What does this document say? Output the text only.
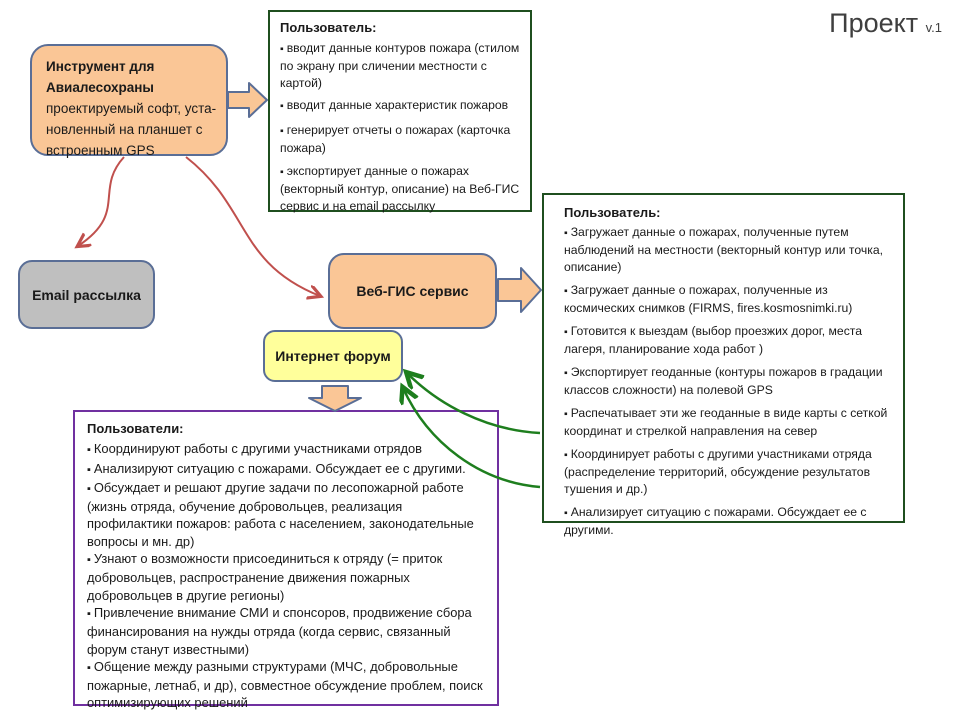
Проект v.1
Инструмент для
Авиалесохраны
проектируемый софт, уста-
новленный на планшет с
встроенным GPS
Email рассылка	Веб-ГИС сервис
Интернет форум
Пользователь:
▪ вводит данные контуров пожара (стилом по экрану при сличении местности с картой)
▪ вводит данные характеристик пожаров
▪ генерирует отчеты о пожарах (карточка пожара)
▪ экспортирует данные о пожарах (векторный контур, описание) на Веб-ГИС сервис и на email рассылку	Пользователь:
▪ Загружает данные о пожарах, полученные путем наблюдений на местности (векторный контур или точка, описание)
▪ Загружает данные о пожарах, полученные из космических снимков (FIRMS, fires.kosmosnimki.ru)
▪ Готовится к выездам (выбор проезжих дорог, места лагеря, планирование хода работ )
▪ Экспортирует геоданные (контуры пожаров в градации классов сложности) на полевой GPS
▪ Распечатывает эти же геоданные в виде карты с сеткой координат и стрелкой направления на север
▪ Координирует работы с другими участниками отряда (распределение территорий, обсуждение результатов тушения и др.)
▪ Анализирует ситуацию с пожарами. Обсуждает ее с другими.
Пользователи:
▪ Координируют работы с другими участниками отрядов
▪ Анализируют ситуацию с пожарами. Обсуждает ее с другими.
▪ Обсуждает и решают другие задачи по лесопожарной работе (жизнь отряда, обучение добровольцев, реализация профилактики пожаров: работа с населением, законодательные вопросы и мн. др)
▪ Узнают о возможности присоединиться к отряду (= приток добровольцев, распространение движения пожарных добровольцев в другие регионы)
▪ Привлечение внимание СМИ и спонсоров, продвижение сбора финансирования на нужды отряда (когда сервис, связанный форум станут известными)
▪ Общение между разными структурами (МЧС, добровольные пожарные, летнаб, и др), совместное обсуждение проблем, поиск оптимизирующих решений
